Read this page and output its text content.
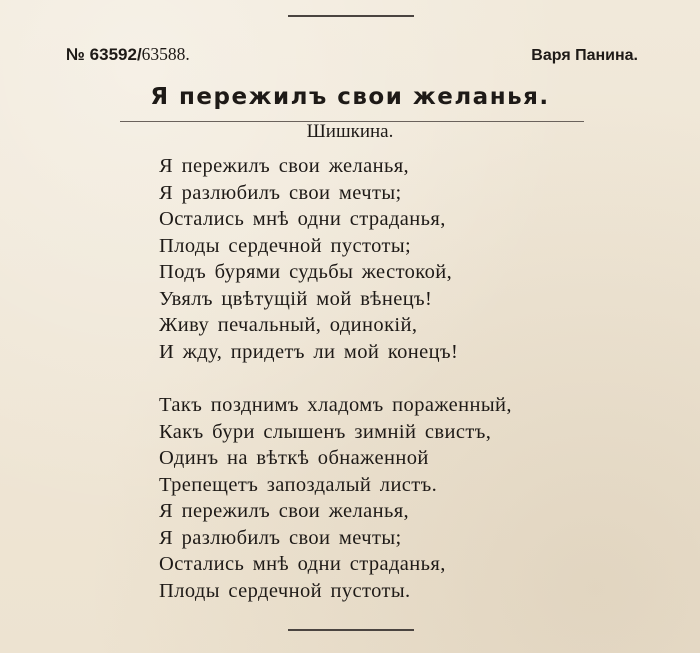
№ 63592/63588.	Варя Панина.
Я пережилъ свои желанья.
Шишкина.
Я пережилъ свои желанья,
Я разлюбилъ свои мечты;
Остались мнѣ одни страданья,
Плоды сердечной пустоты;
Подъ бурями судьбы жестокой,
Увялъ цвѣтущій мой вѣнецъ!
Живу печальный, одинокій,
И жду, придетъ ли мой конецъ!
Такъ позднимъ хладомъ пораженный,
Какъ бури слышенъ зимній свистъ,
Одинъ на вѣткѣ обнаженной
Трепещетъ запоздалый листъ.
Я пережилъ свои желанья,
Я разлюбилъ свои мечты;
Остались мнѣ одни страданья,
Плоды сердечной пустоты.
